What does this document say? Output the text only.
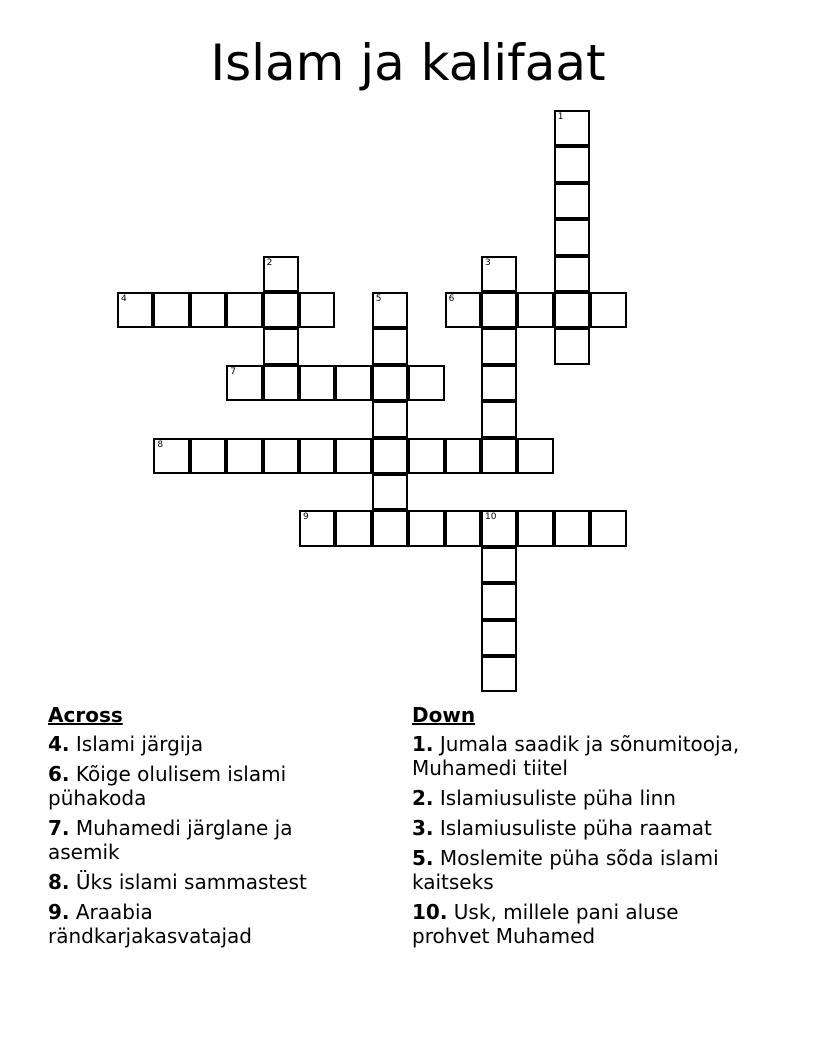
Islam ja kalifaat
1
2	3
4	5	6
7
8
9	10
Across
4. Islami järgija
6. Kõige olulisem islami pühakoda
7. Muhamedi järglane ja asemik
8. Üks islami sammastest
9. Araabia rändkarjakasvatajad
Down
1. Jumala saadik ja sõnumitooja, Muhamedi tiitel
2. Islamiusuliste püha linn
3. Islamiusuliste püha raamat
5. Moslemite püha sõda islami kaitseks
10. Usk, millele pani aluse prohvet Muhamed
